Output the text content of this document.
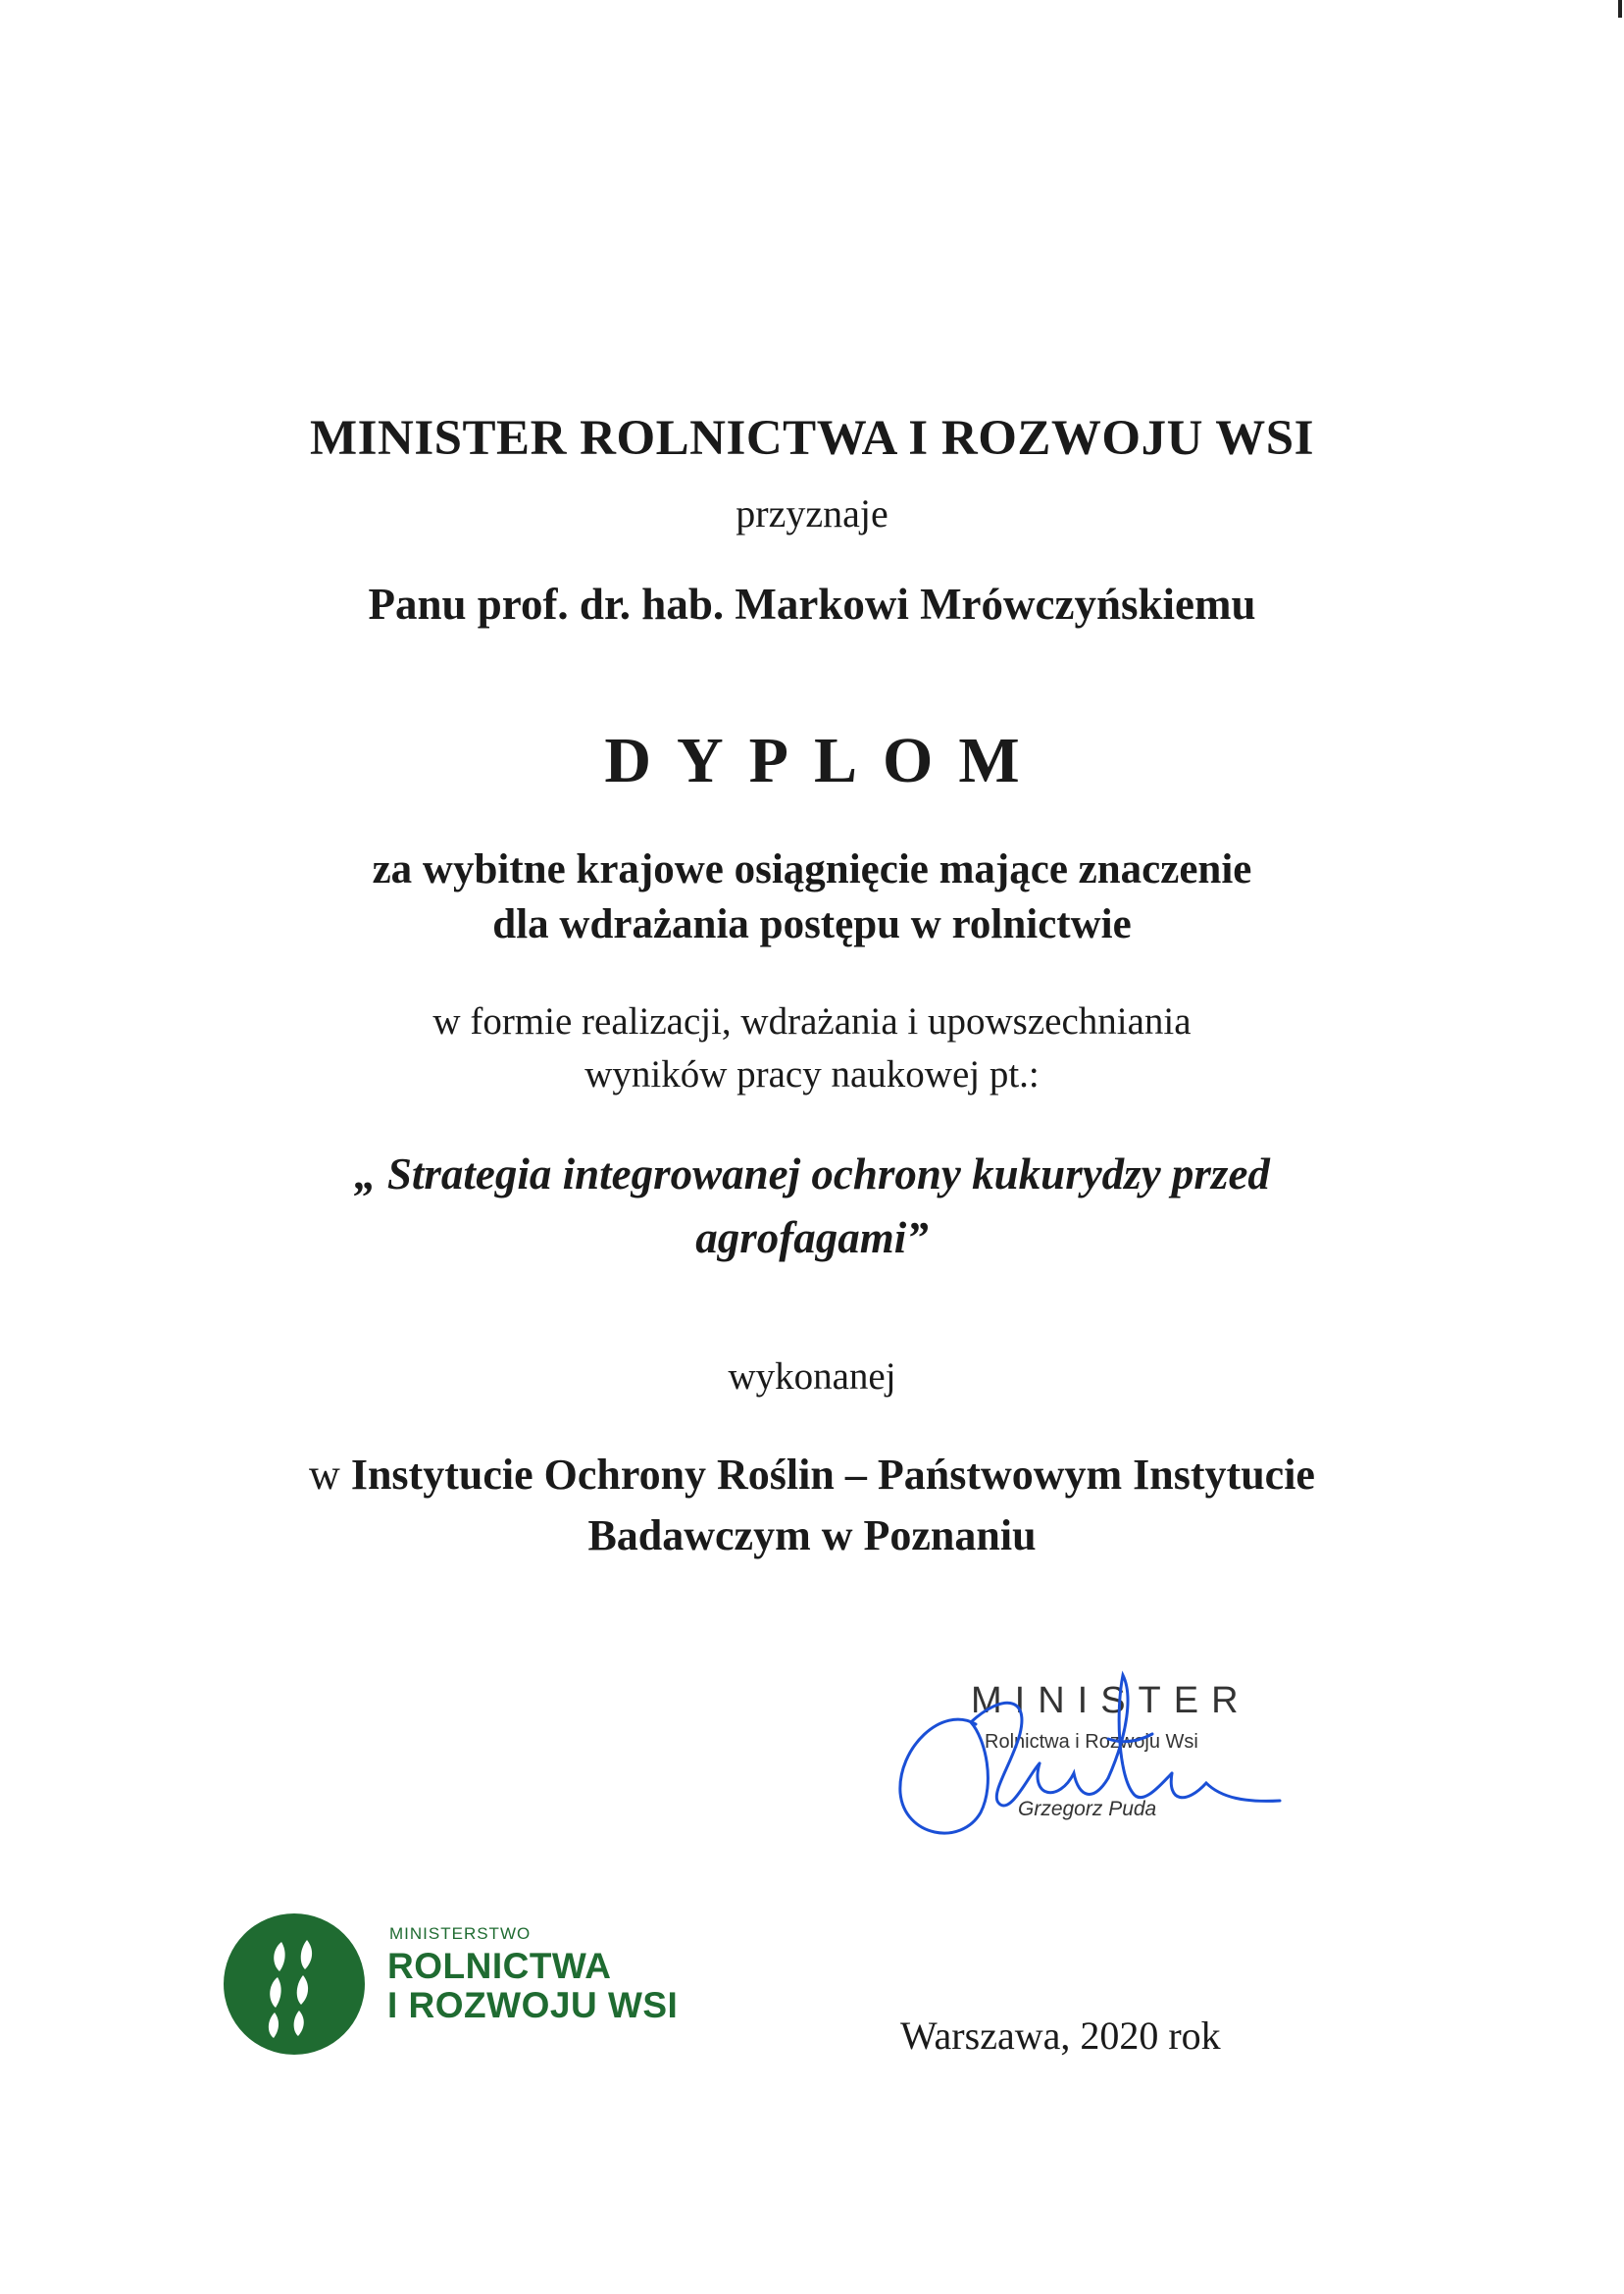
MINISTER ROLNICTWA I ROZWOJU WSI
przyznaje
Panu prof. dr. hab. Markowi Mrówczyńskiemu
DYPLOM
za wybitne krajowe osiągnięcie mające znaczenie
dla wdrażania postępu w rolnictwie
w formie realizacji, wdrażania i upowszechniania
wyników pracy naukowej pt.:
„ Strategia integrowanej ochrony kukurydzy przed
agrofagami”
wykonanej
w Instytucie Ochrony Roślin – Państwowym Instytucie
Badawczym w Poznaniu
MINISTER
Rolnictwa i Rozwoju Wsi
Grzegorz Puda
MINISTERSTWO
ROLNICTWA
I ROZWOJU WSI
Warszawa, 2020 rok
